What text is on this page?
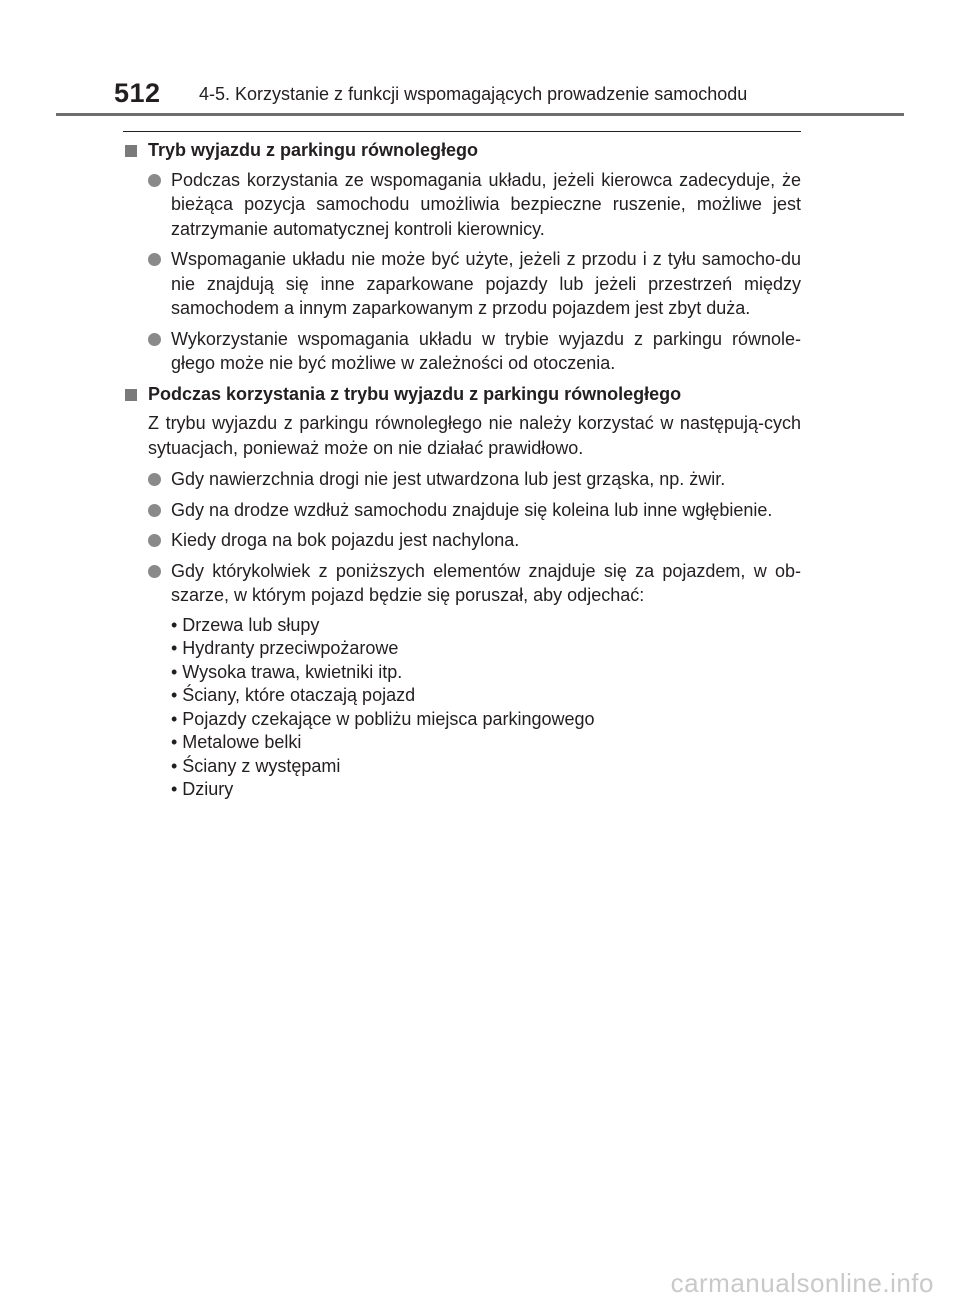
512 4-5. Korzystanie z funkcji wspomagających prowadzenie samochodu
Tryb wyjazdu z parkingu równoległego
Podczas korzystania ze wspomagania układu, jeżeli kierowca zadecyduje, że bieżąca pozycja samochodu umożliwia bezpieczne ruszenie, możliwe jest zatrzymanie automatycznej kontroli kierownicy.
Wspomaganie układu nie może być użyte, jeżeli z przodu i z tyłu samocho-du nie znajdują się inne zaparkowane pojazdy lub jeżeli przestrzeń między samochodem a innym zaparkowanym z przodu pojazdem jest zbyt duża.
Wykorzystanie wspomagania układu w trybie wyjazdu z parkingu równole-głego może nie być możliwe w zależności od otoczenia.
Podczas korzystania z trybu wyjazdu z parkingu równoległego
Z trybu wyjazdu z parkingu równoległego nie należy korzystać w następują-cych sytuacjach, ponieważ może on nie działać prawidłowo.
Gdy nawierzchnia drogi nie jest utwardzona lub jest grząska, np. żwir.
Gdy na drodze wzdłuż samochodu znajduje się koleina lub inne wgłębienie.
Kiedy droga na bok pojazdu jest nachylona.
Gdy którykolwiek z poniższych elementów znajduje się za pojazdem, w ob-szarze, w którym pojazd będzie się poruszał, aby odjechać:
• Drzewa lub słupy
• Hydranty przeciwpożarowe
• Wysoka trawa, kwietniki itp.
• Ściany, które otaczają pojazd
• Pojazdy czekające w pobliżu miejsca parkingowego
• Metalowe belki
• Ściany z występami
• Dziury
carmanualsonline.info
